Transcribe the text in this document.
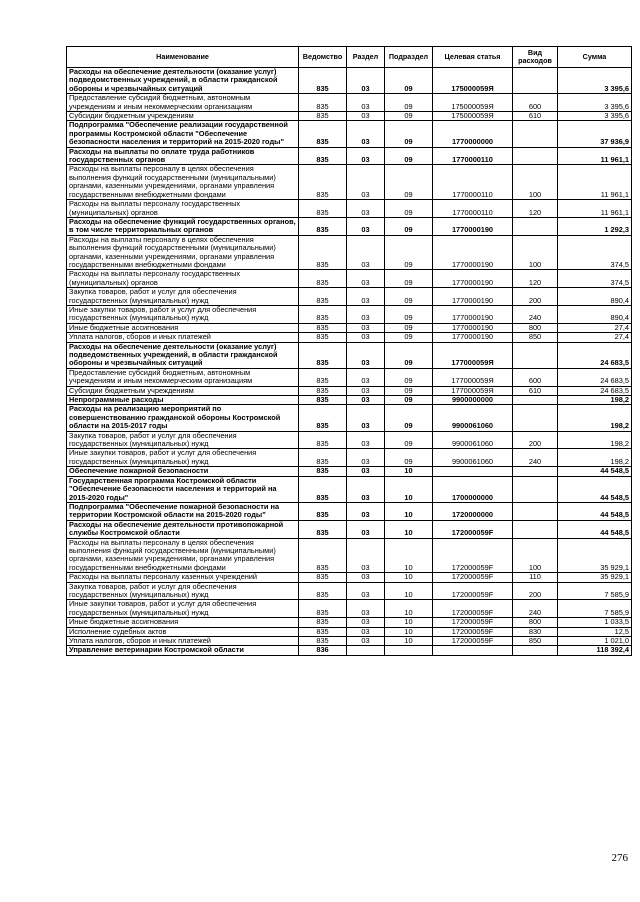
Наименование	Ведомство	Раздел	Подраздел	Целевая статья	Вид расходов	Сумма
Расходы на обеспечение деятельности (оказание услуг) подведомственных учреждений, в области гражданской обороны и чрезвычайных ситуаций	835	03	09	175000059Я		3 395,6
Предоставление субсидий бюджетным, автономным учреждениям и иным некоммерческим организациям	835	03	09	175000059Я	600	3 395,6
Субсидии бюджетным учреждениям	835	03	09	175000059Я	610	3 395,6
Подпрограмма "Обеспечение реализации государственной программы Костромской области "Обеспечение безопасности населения и территорий на 2015-2020 годы"	835	03	09	1770000000		37 936,9
Расходы на выплаты по оплате труда работников государственных органов	835	03	09	1770000110		11 961,1
Расходы на выплаты персоналу в целях обеспечения выполнения функций государственными (муниципальными) органами, казенными учреждениями, органами управления государственными внебюджетными фондами	835	03	09	1770000110	100	11 961,1
Расходы на выплаты персоналу государственных (муниципальных) органов	835	03	09	1770000110	120	11 961,1
Расходы на обеспечение функций государственных органов, в том числе территориальных органов	835	03	09	1770000190		1 292,3
Расходы на выплаты персоналу в целях обеспечения выполнения функций государственными (муниципальными) органами, казенными учреждениями, органами управления государственными внебюджетными фондами	835	03	09	1770000190	100	374,5
Расходы на выплаты персоналу государственных (муниципальных) органов	835	03	09	1770000190	120	374,5
Закупка товаров, работ и услуг для обеспечения государственных (муниципальных) нужд	835	03	09	1770000190	200	890,4
Иные закупки товаров, работ и услуг для обеспечения государственных (муниципальных) нужд	835	03	09	1770000190	240	890,4
Иные бюджетные ассигнования	835	03	09	1770000190	800	27,4
Уплата налогов, сборов и иных платежей	835	03	09	1770000190	850	27,4
Расходы на обеспечение деятельности (оказание услуг) подведомственных учреждений, в области гражданской обороны и чрезвычайных ситуаций	835	03	09	177000059Я		24 683,5
Предоставление субсидий бюджетным, автономным учреждениям и иным некоммерческим организациям	835	03	09	177000059Я	600	24 683,5
Субсидии бюджетным учреждениям	835	03	09	177000059Я	610	24 683,5
Непрограммные расходы	835	03	09	9900000000		198,2
Расходы на реализацию мероприятий по совершенствованию гражданской обороны Костромской области на 2015-2017 годы	835	03	09	9900061060		198,2
Закупка товаров, работ и услуг для обеспечения государственных (муниципальных) нужд	835	03	09	9900061060	200	198,2
Иные закупки товаров, работ и услуг для обеспечения государственных (муниципальных) нужд	835	03	09	9900061060	240	198,2
Обеспечение пожарной безопасности	835	03	10			44 548,5
Государственная программа Костромской области "Обеспечение безопасности населения и территорий на 2015-2020 годы"	835	03	10	1700000000		44 548,5
Подпрограмма "Обеспечение пожарной безопасности на территории Костромской области на 2015-2020 годы"	835	03	10	1720000000		44 548,5
Расходы на обеспечение деятельности противопожарной службы Костромской области	835	03	10	172000059F		44 548,5
Расходы на выплаты персоналу в целях обеспечения выполнения функций государственными (муниципальными) органами, казенными учреждениями, органами управления государственными внебюджетными фондами	835	03	10	172000059F	100	35 929,1
Расходы на выплаты персоналу казенных учреждений	835	03	10	172000059F	110	35 929,1
Закупка товаров, работ и услуг для обеспечения государственных (муниципальных) нужд	835	03	10	172000059F	200	7 585,9
Иные закупки товаров, работ и услуг для обеспечения государственных (муниципальных) нужд	835	03	10	172000059F	240	7 585,9
Иные бюджетные ассигнования	835	03	10	172000059F	800	1 033,5
Исполнение судебных актов	835	03	10	172000059F	830	12,5
Уплата налогов, сборов и иных платежей	835	03	10	172000059F	850	1 021,0
Управление ветеринарии Костромской области	836					118 392,4
276
